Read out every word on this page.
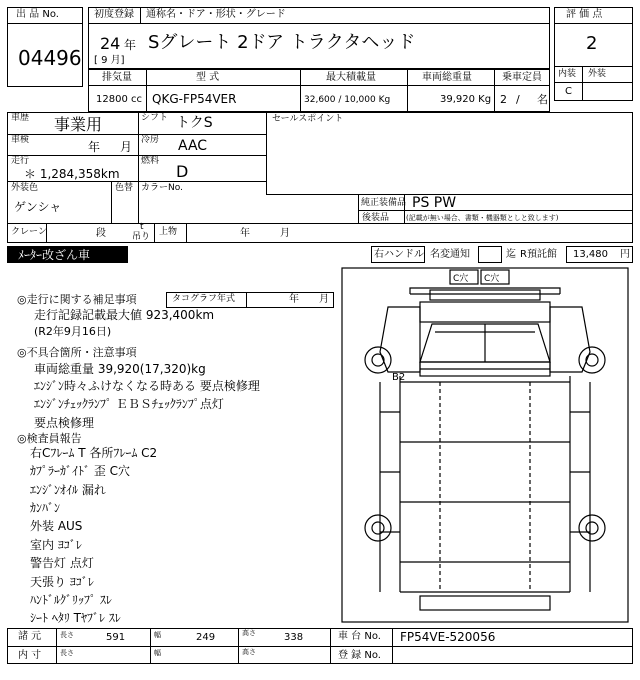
出 品 No.
04496
初度登録 通称名・ドア・形状・グレード
24 年
[ 9 月]
Sグレート 2ドア トラクタヘッド
評 価 点
2
内装 外装
C
排気量	型 式	最大積載量	車両総重量	乗車定員
12800 cc QKG-FP54VER	32,600 / 10,000 Kg	39,920 Kg 2 / 名
車歴 事業用	シフト トクS	セールスポイント
車検	年 月 冷房 AAC
走行
＊ 1,284,358km
燃料
D
外装色
ゲンシャ
色替 カラーNo.
純正装備品 PS PW
後装品 (記載が無い場合、書類・機器類としと致します)
クレーン	段
t
吊り 上物	年	月
ﾒｰﾀｰ改ざん車	右ハンドル 名変通知	迄 R預託館 13,480 円
タコグラフ年式	年 月
◎走行に関する補足事項
走行記録記載最大値 923,400km
(R2年9月16日)
◎不具合箇所・注意事項
車両総重量 39,920(17,320)kg
ｴﾝｼﾞﾝ時々ふけなくなる時ある 要点検修理
ｴﾝｼﾞﾝﾁｪｯｸﾗﾝﾌﾟ ＥＢＳﾁｪｯｸﾗﾝﾌﾟ点灯
要点検修理
◎検査員報告
右Cﾌﾚｰﾑ T 各所ﾌﾚｰﾑ C2
ｶﾌﾟﾗｰｶﾞｲﾄﾞ 歪 C穴
ｴﾝｼﾞﾝｵｲﾙ 漏れ
ｶﾝﾊﾞﾝ
外装 AUS
室内 ﾖｺﾞﾚ
警告灯 点灯
天張り ﾖｺﾞﾚ
ﾊﾝﾄﾞﾙｸﾞﾘｯﾌﾟ ｽﾚ
ｼｰﾄ ﾍﾀﾘ Tﾔﾌﾞﾚ ｽﾚ
C穴 C穴
B2
諸 元	長さ	591	幅	249	高さ	338	車 台 No. FP54VE-520056
内 寸	長さ	幅	高さ	登 録 No.
